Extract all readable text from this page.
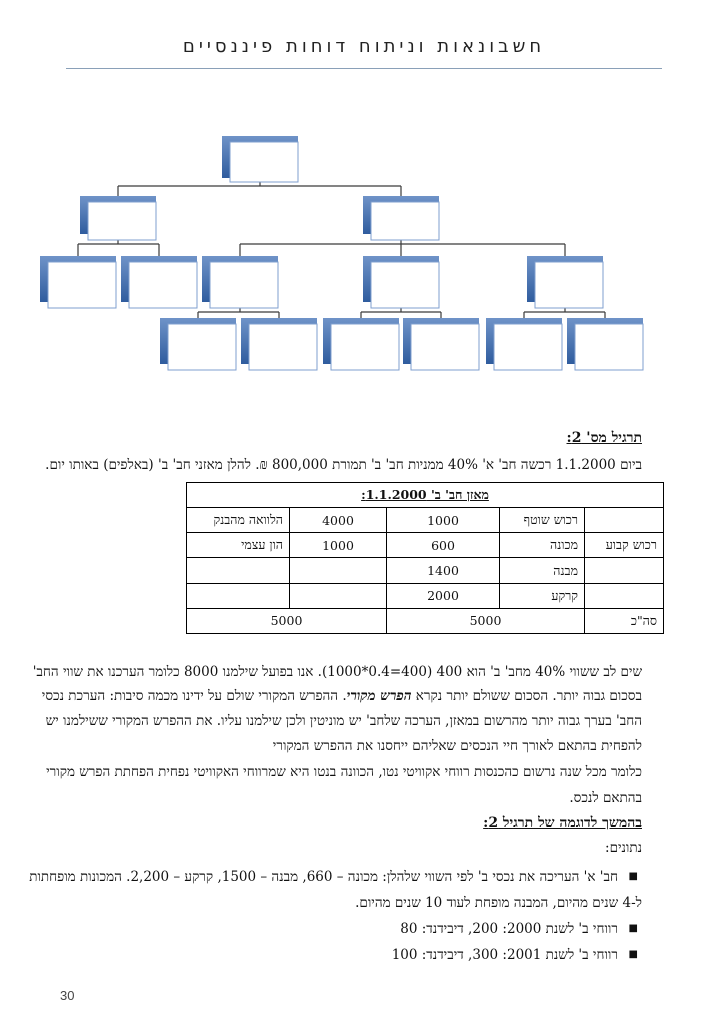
חשבונאות וניתוח דוחות פיננסיים
תרגיל מס' 2:
ביום 1.1.2000 רכשה חב' א' 40% ממניות חב' ב' תמורת 800,000 ₪. להלן מאזני חב' ב' (באלפים) באותו יום.
מאזן חב' ב' 1.1.2000:				
	רכוש שוטף	1000	4000	הלוואה מהבנק
רכוש קבוע	מכונה	600	1000	הון עצמי
	מבנה	1400		
	קרקע	2000		
סה"כ	5000		5000	
שים לב ששווי 40% מחב' ב' הוא 400 (400=0.4*1000). אנו בפועל שילמנו 8000 כלומר הערכנו את שווי החב'
בסכום גבוה יותר. הסכום ששולם יותר נקרא הפרש מקורי. ההפרש המקורי שולם על ידינו מכמה סיבות: הערכת נכסי
החב' בערך גבוה יותר מהרשום במאזן, הערכה שלחב' יש מוניטין ולכן שילמנו עליו. את ההפרש המקורי ששילמנו יש
להפחית בהתאם לאורך חיי הנכסים שאליהם ייחסנו את ההפרש המקורי
כלומר מכל שנה נרשום כהכנסות רווחי אקוויטי נטו, הכוונה בנטו היא שמרווחי האקוויטי נפחית הפחתת הפרש מקורי
בהתאם לנכס.
בהמשך לדוגמה של תרגיל 2:
נתונים:
■
חב' א' העריכה את נכסי ב' לפי השווי שלהלן: מכונה – 660, מבנה – 1500, קרקע – 2,200. המכונות מופחתות
ל-4 שנים מהיום, המבנה מופחת לעוד 10 שנים מהיום.
■
רווחי ב' לשנת 2000: 200, דיבידנד: 80
■
רווחי ב' לשנת 2001: 300, דיבידנד: 100
30
